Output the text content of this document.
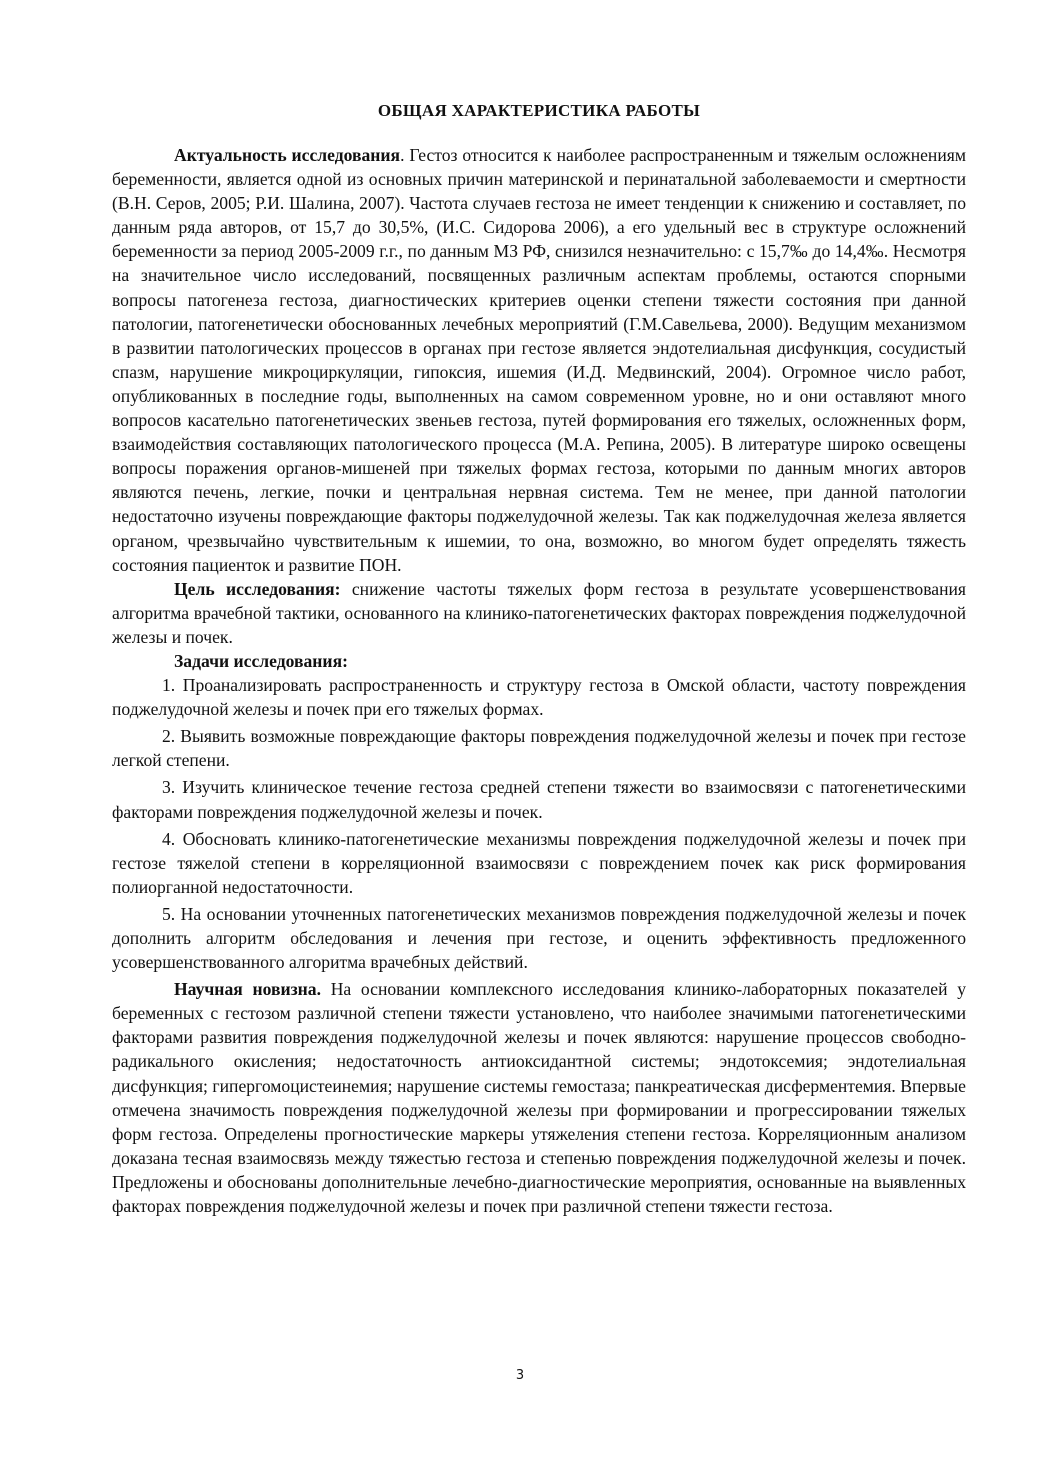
ОБЩАЯ ХАРАКТЕРИСТИКА РАБОТЫ

Актуальность исследования. Гестоз относится к наиболее распространенным и тяжелым осложнениям беременности, является одной из основных причин материнской и перинатальной заболеваемости и смертности (В.Н. Серов, 2005; Р.И. Шалина, 2007). Частота случаев гестоза не имеет тенденции к снижению и составляет, по данным ряда авторов, от 15,7 до 30,5%, (И.С. Сидорова 2006), а его удельный вес в структуре осложнений беременности за период 2005-2009 г.г., по данным МЗ РФ, снизился незначительно: с 15,7‰ до 14,4‰. Несмотря на значительное число исследований, посвященных различным аспектам проблемы, остаются спорными вопросы патогенеза гестоза, диагностических критериев оценки степени тяжести состояния при данной патологии, патогенетически обоснованных лечебных мероприятий (Г.М.Савельева, 2000). Ведущим механизмом в развитии патологических процессов в органах при гестозе является эндотелиальная дисфункция, сосудистый спазм, нарушение микроциркуляции, гипоксия, ишемия (И.Д. Медвинский, 2004). Огромное число работ, опубликованных в последние годы, выполненных на самом современном уровне, но и они оставляют много вопросов касательно патогенетических звеньев гестоза, путей формирования его тяжелых, осложненных форм, взаимодействия составляющих патологического процесса (М.А. Репина, 2005). В литературе широко освещены вопросы поражения органов-мишеней при тяжелых формах гестоза, которыми по данным многих авторов являются печень, легкие, почки и центральная нервная система. Тем не менее, при данной патологии недостаточно изучены повреждающие факторы поджелудочной железы. Так как поджелудочная железа является органом, чрезвычайно чувствительным к ишемии, то она, возможно, во многом будет определять тяжесть состояния пациенток и развитие ПОН.

Цель исследования: снижение частоты тяжелых форм гестоза в результате усовершенствования алгоритма врачебной тактики, основанного на клинико-патогенетических факторах повреждения поджелудочной железы и почек.

Задачи исследования:

1. Проанализировать распространенность и структуру гестоза в Омской области, частоту повреждения поджелудочной железы и почек при его тяжелых формах.

2. Выявить возможные повреждающие факторы повреждения поджелудочной железы и почек при гестозе легкой степени.

3. Изучить клиническое течение гестоза средней степени тяжести во взаимосвязи с патогенетическими факторами повреждения поджелудочной железы и почек.

4. Обосновать клинико-патогенетические механизмы повреждения поджелудочной железы и почек при гестозе тяжелой степени в корреляционной взаимосвязи с повреждением почек как риск формирования полиорганной недостаточности.

5. На основании уточненных патогенетических механизмов повреждения поджелудочной железы и почек дополнить алгоритм обследования и лечения при гестозе, и оценить эффективность предложенного усовершенствованного алгоритма врачебных действий.

Научная новизна. На основании комплексного исследования клинико-лабораторных показателей у беременных с гестозом различной степени тяжести установлено, что наиболее значимыми патогенетическими факторами развития повреждения поджелудочной железы и почек являются: нарушение процессов свободно-радикального окисления; недостаточность антиоксидантной системы; эндотоксемия; эндотелиальная дисфункция; гипергомоцистеинемия; нарушение системы гемостаза; панкреатическая дисферментемия. Впервые отмечена значимость повреждения поджелудочной железы при формировании и прогрессировании тяжелых форм гестоза. Определены прогностические маркеры утяжеления степени гестоза. Корреляционным анализом доказана тесная взаимосвязь между тяжестью гестоза и степенью повреждения поджелудочной железы и почек. Предложены и обоснованы дополнительные лечебно-диагностические мероприятия, основанные на выявленных факторах повреждения поджелудочной железы и почек при различной степени тяжести гестоза.

3
